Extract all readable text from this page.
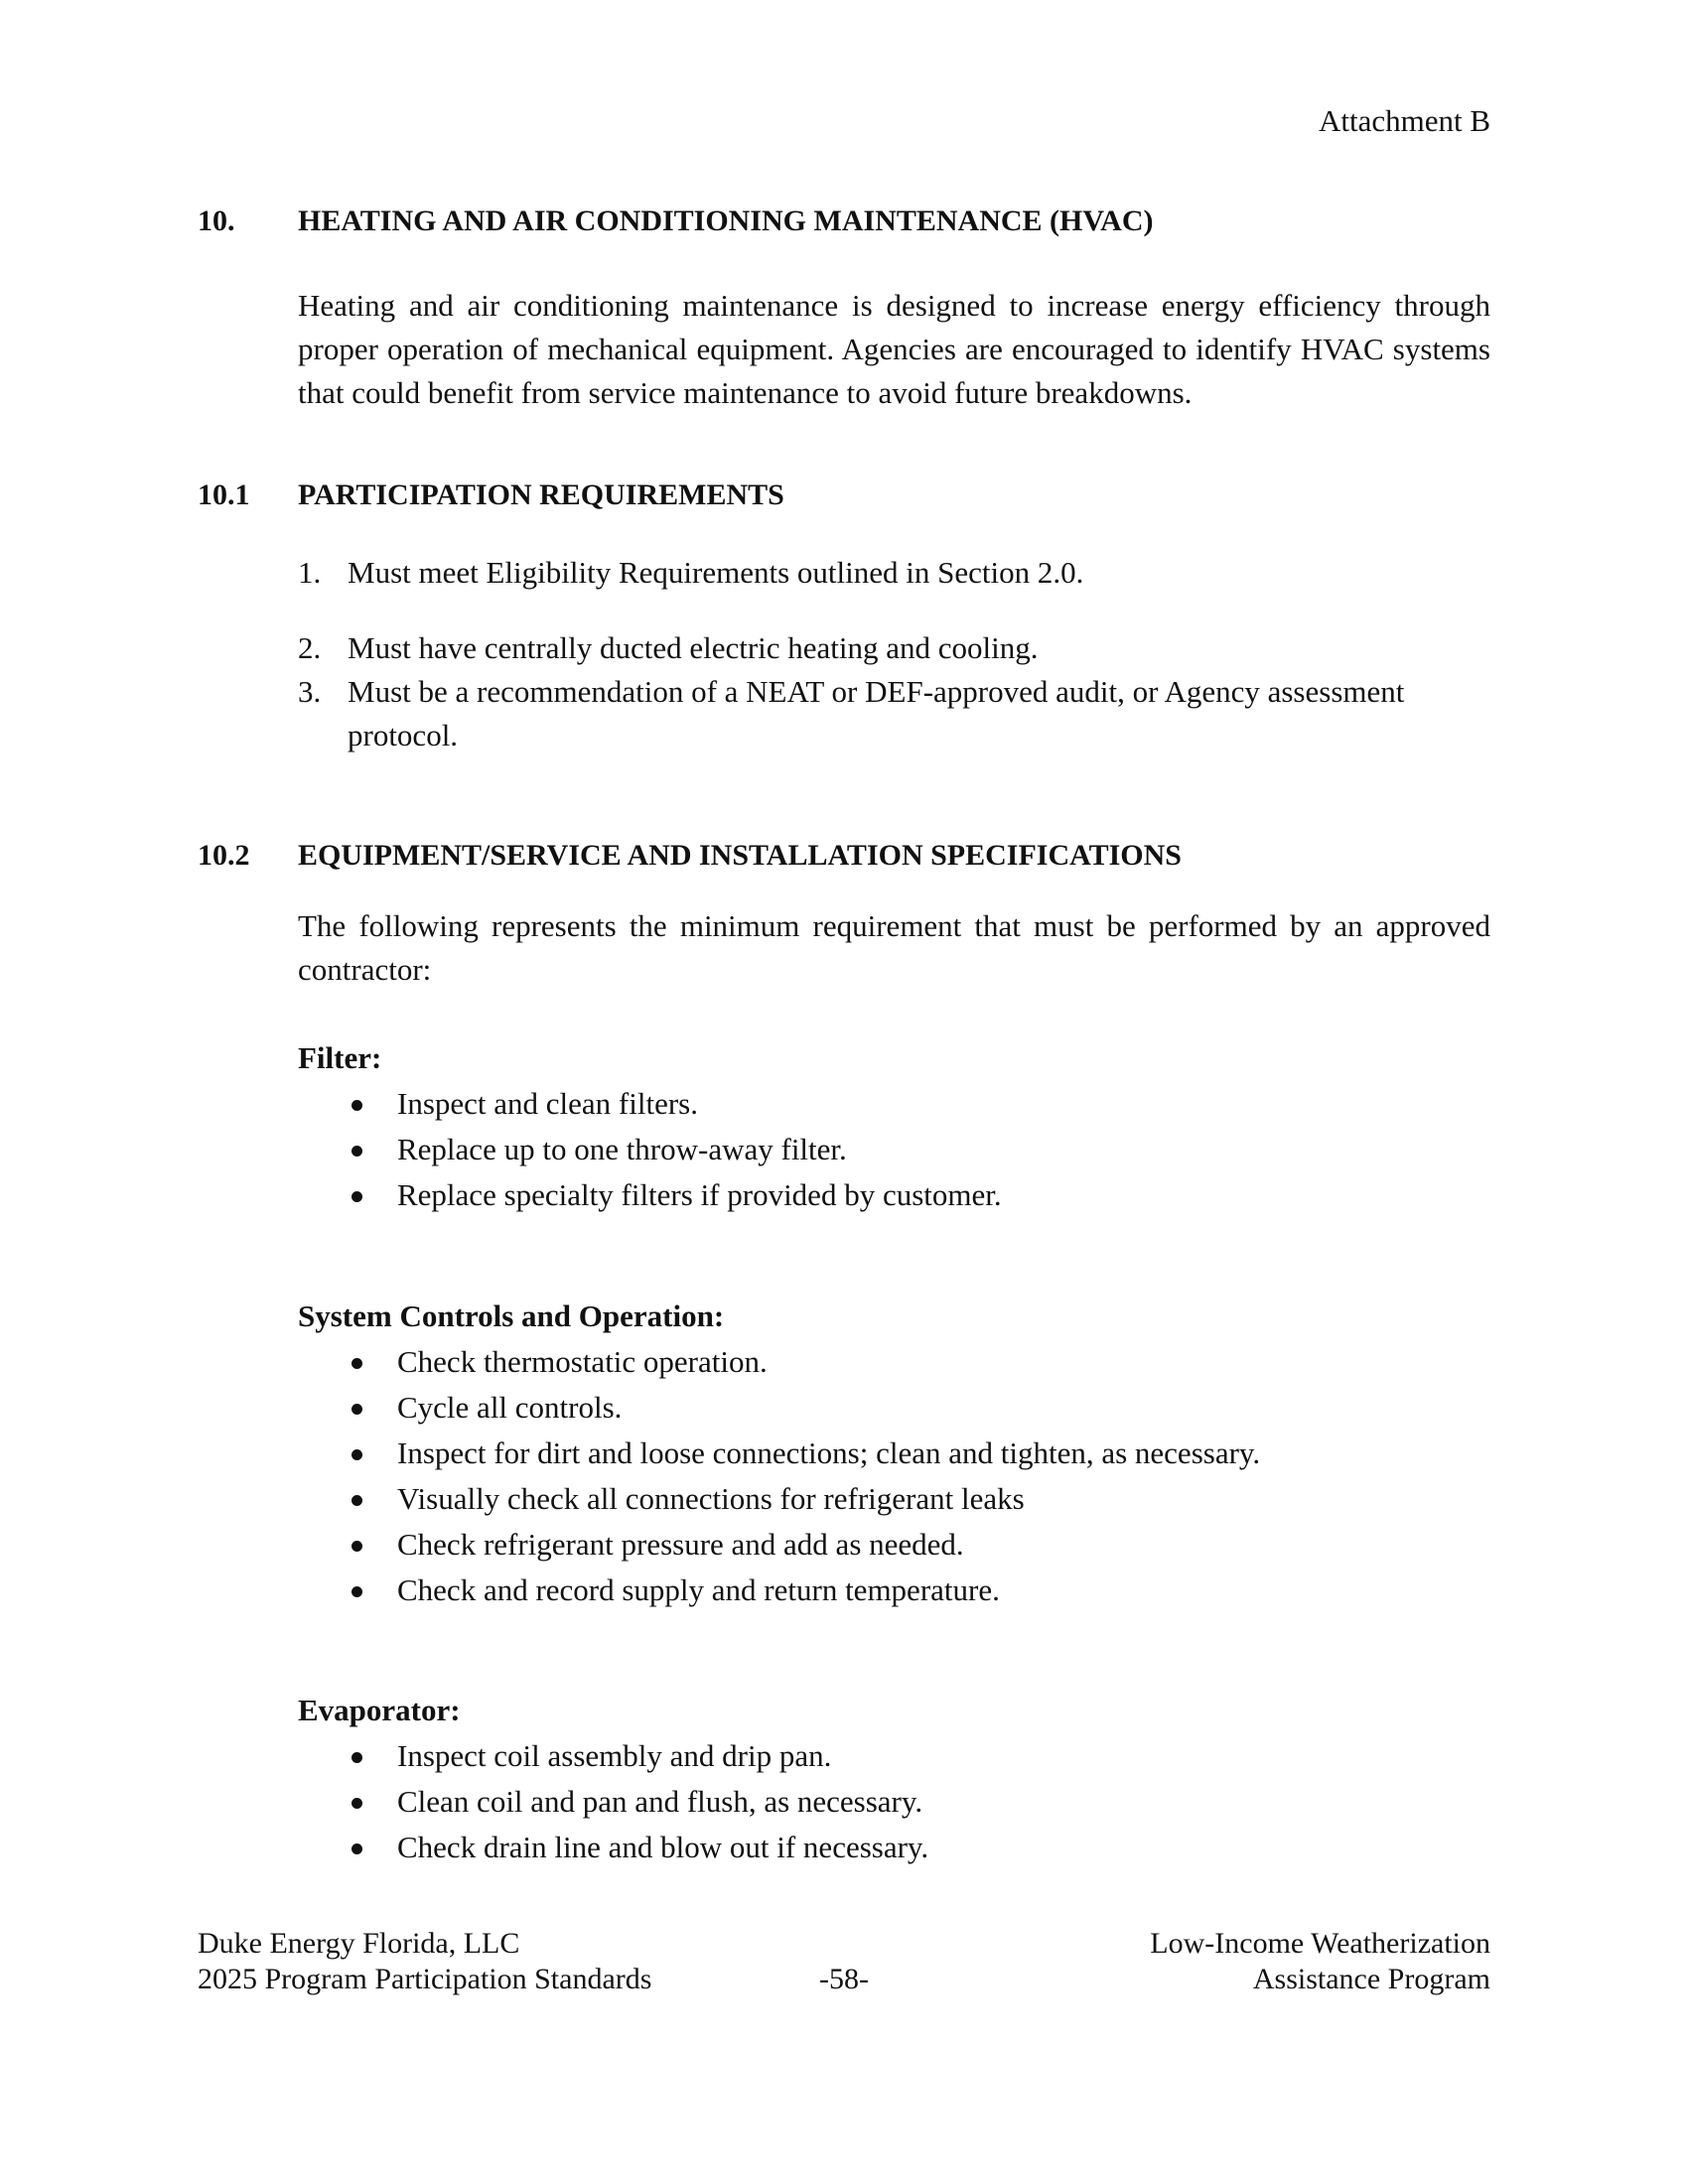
Attachment B
10. HEATING AND AIR CONDITIONING MAINTENANCE (HVAC)
Heating and air conditioning maintenance is designed to increase energy efficiency through proper operation of mechanical equipment. Agencies are encouraged to identify HVAC systems that could benefit from service maintenance to avoid future breakdowns.
10.1 PARTICIPATION REQUIREMENTS
1. Must meet Eligibility Requirements outlined in Section 2.0.
2. Must have centrally ducted electric heating and cooling.
3. Must be a recommendation of a NEAT or DEF-approved audit, or Agency assessment protocol.
10.2 EQUIPMENT/SERVICE AND INSTALLATION SPECIFICATIONS
The following represents the minimum requirement that must be performed by an approved contractor:
Filter:
Inspect and clean filters.
Replace up to one throw-away filter.
Replace specialty filters if provided by customer.
System Controls and Operation:
Check thermostatic operation.
Cycle all controls.
Inspect for dirt and loose connections; clean and tighten, as necessary.
Visually check all connections for refrigerant leaks
Check refrigerant pressure and add as needed.
Check and record supply and return temperature.
Evaporator:
Inspect coil assembly and drip pan.
Clean coil and pan and flush, as necessary.
Check drain line and blow out if necessary.
Duke Energy Florida, LLC
2025 Program Participation Standards	-58-
Low-Income Weatherization
Assistance Program
